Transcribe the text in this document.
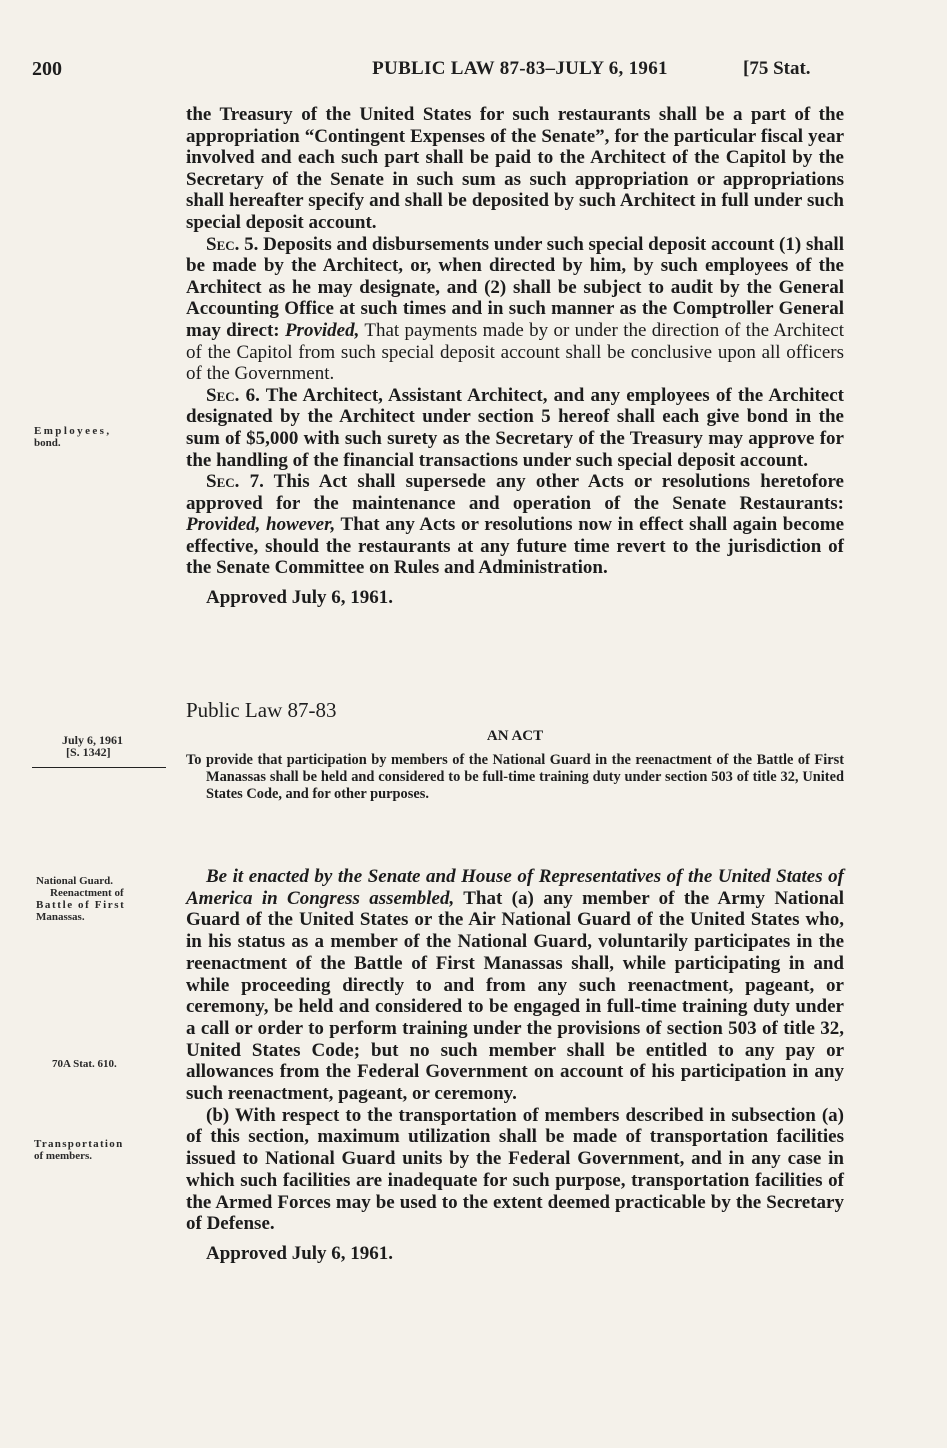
200	PUBLIC LAW 87-83–JULY 6, 1961	[75 Stat.
Employees,
bond.
July 6, 1961
[S. 1342]
National Guard.
Reenactment of
Battle of First
Manassas.
70A Stat. 610.
Transportation
of members.

the Treasury of the United States for such restaurants shall be a part of the appropriation “Contingent Expenses of the Senate”, for the particular fiscal year involved and each such part shall be paid to the Architect of the Capitol by the Secretary of the Senate in such sum as such appropriation or appropriations shall hereafter specify and shall be deposited by such Architect in full under such special deposit account.

Sec. 5. Deposits and disbursements under such special deposit account (1) shall be made by the Architect, or, when directed by him, by such employees of the Architect as he may designate, and (2) shall be subject to audit by the General Accounting Office at such times and in such manner as the Comptroller General may direct: Provided, That payments made by or under the direction of the Architect of the Capitol from such special deposit account shall be conclusive upon all officers of the Government.

Sec. 6. The Architect, Assistant Architect, and any employees of the Architect designated by the Architect under section 5 hereof shall each give bond in the sum of $5,000 with such surety as the Secretary of the Treasury may approve for the handling of the financial transactions under such special deposit account.

Sec. 7. This Act shall supersede any other Acts or resolutions heretofore approved for the maintenance and operation of the Senate Restaurants: Provided, however, That any Acts or resolutions now in effect shall again become effective, should the restaurants at any future time revert to the jurisdiction of the Senate Committee on Rules and Administration.

Approved July 6, 1961.

Public Law 87-83
AN ACT
To provide that participation by members of the National Guard in the reenactment of the Battle of First Manassas shall be held and considered to be full-time training duty under section 503 of title 32, United States Code, and for other purposes.

Be it enacted by the Senate and House of Representatives of the United States of America in Congress assembled, That (a) any member of the Army National Guard of the United States or the Air National Guard of the United States who, in his status as a member of the National Guard, voluntarily participates in the reenactment of the Battle of First Manassas shall, while participating in and while proceeding directly to and from any such reenactment, pageant, or ceremony, be held and considered to be engaged in full-time training duty under a call or order to perform training under the provisions of section 503 of title 32, United States Code; but no such member shall be entitled to any pay or allowances from the Federal Government on account of his participation in any such reenactment, pageant, or ceremony.

(b) With respect to the transportation of members described in subsection (a) of this section, maximum utilization shall be made of transportation facilities issued to National Guard units by the Federal Government, and in any case in which such facilities are inadequate for such purpose, transportation facilities of the Armed Forces may be used to the extent deemed practicable by the Secretary of Defense.

Approved July 6, 1961.
